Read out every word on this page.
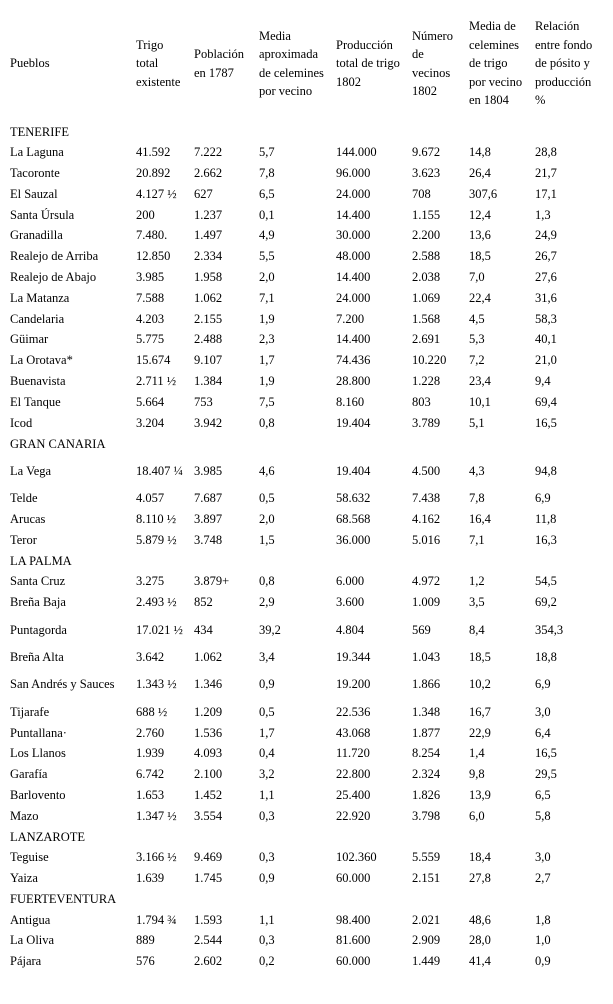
Pueblos	Trigo total existente	Población en 1787	Media aproximada de celemines por vecino	Producción total de trigo 1802	Número de vecinos 1802	Media de celemines de trigo por vecino en 1804	Relación entre fondo de pósito y producción %

TENERIFE							
La Laguna	41.592	7.222	5,7	144.000	9.672	14,8	28,8
Tacoronte	20.892	2.662	7,8	96.000	3.623	26,4	21,7
El Sauzal	4.127 ½	627	6,5	24.000	708	307,6	17,1
Santa Úrsula	200	1.237	0,1	14.400	1.155	12,4	1,3
Granadilla	7.480.	1.497	4,9	30.000	2.200	13,6	24,9
Realejo de Arriba	12.850	2.334	5,5	48.000	2.588	18,5	26,7
Realejo de Abajo	3.985	1.958	2,0	14.400	2.038	7,0	27,6
La Matanza	7.588	1.062	7,1	24.000	1.069	22,4	31,6
Candelaria	4.203	2.155	1,9	7.200	1.568	4,5	58,3
Güimar	5.775	2.488	2,3	14.400	2.691	5,3	40,1
La Orotava*	15.674	9.107	1,7	74.436	10.220	7,2	21,0
Buenavista	2.711 ½	1.384	1,9	28.800	1.228	23,4	9,4
El Tanque	5.664	753	7,5	8.160	803	10,1	69,4
Icod	3.204	3.942	0,8	19.404	3.789	5,1	16,5
GRAN CANARIA							
La Vega	18.407 ¼	3.985	4,6	19.404	4.500	4,3	94,8
Telde	4.057	7.687	0,5	58.632	7.438	7,8	6,9
Arucas	8.110 ½	3.897	2,0	68.568	4.162	16,4	11,8
Teror	5.879 ½	3.748	1,5	36.000	5.016	7,1	16,3
LA PALMA							
Santa Cruz	3.275	3.879+	0,8	6.000	4.972	1,2	54,5
Breña Baja	2.493 ½	852	2,9	3.600	1.009	3,5	69,2
Puntagorda	17.021 ½	434	39,2	4.804	569	8,4	354,3
Breña Alta	3.642	1.062	3,4	19.344	1.043	18,5	18,8
San Andrés y Sauces	1.343 ½	1.346	0,9	19.200	1.866	10,2	6,9
Tijarafe	688 ½	1.209	0,5	22.536	1.348	16,7	3,0
Puntallana·	2.760	1.536	1,7	43.068	1.877	22,9	6,4
Los Llanos	1.939	4.093	0,4	11.720	8.254	1,4	16,5
Garafía	6.742	2.100	3,2	22.800	2.324	9,8	29,5
Barlovento	1.653	1.452	1,1	25.400	1.826	13,9	6,5
Mazo	1.347 ½	3.554	0,3	22.920	3.798	6,0	5,8
LANZAROTE							
Teguise	3.166 ½	9.469	0,3	102.360	5.559	18,4	3,0
Yaiza	1.639	1.745	0,9	60.000	2.151	27,8	2,7
FUERTEVENTURA							
Antigua	1.794 ¾	1.593	1,1	98.400	2.021	48,6	1,8
La Oliva	889	2.544	0,3	81.600	2.909	28,0	1,0
Pájara	576	2.602	0,2	60.000	1.449	41,4	0,9
